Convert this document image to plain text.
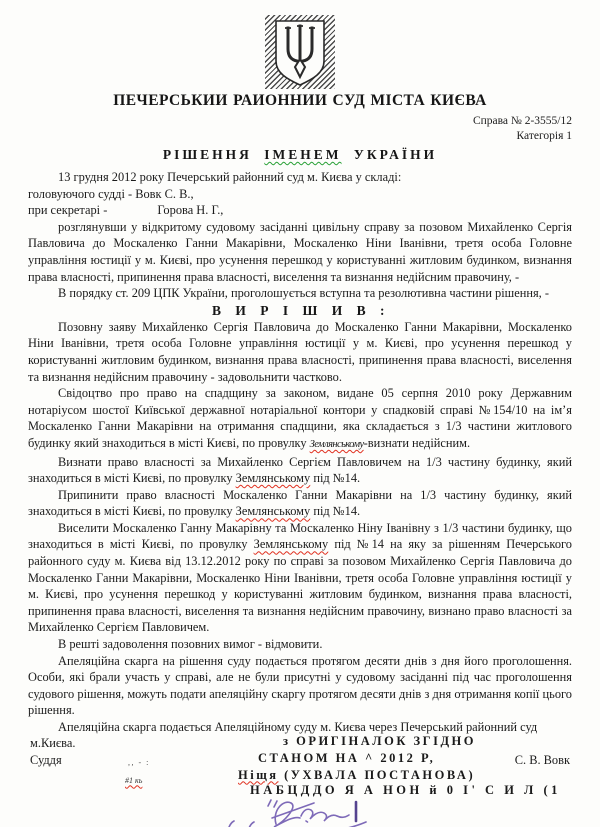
ПЕЧЕРСЬКИИ РАИОННИИ СУД МІСТА КИЄВА
Справа № 2-3555/12
Категорія 1
РІШЕННЯ ІМЕНЕМ УКРАЇНИ

13 грудня 2012 року Печерський районний суд м. Києва у складі:

головуючого судді - Вовк С. В.,

при секретарі -	Горова Н. Г.,

розглянувши у відкритому судовому засіданні цивільну справу за позовом Михайленко Сергія Павловича до Москаленко Ганни Макарівни, Москаленко Ніни Іванівни, третя особа Головне управління юстиції у м. Києві, про усунення перешкод у користуванні житловим будинком, визнання права власності, припинення права власності, виселення та визнання недійсним правочину, -

В порядку ст. 209 ЦПК України, проголошується вступна та резолютивна частини рішення, -

В И Р І Ш И В :

Позовну заяву Михайленко Сергія Павловича до Москаленко Ганни Макарівни, Москаленко Ніни Іванівни, третя особа Головне управління юстиції у м. Києві, про усунення перешкод у користуванні житловим будинком, визнання права власності, припинення права власності, виселення та визнання недійсним правочину - задовольнити частково.

Свідоцтво про право на спадщину за законом, видане 05 серпня 2010 року Державним нотаріусом шостої Київської державної нотаріальної контори у спадковій справі №154/10 на ім’я Москаленко Ганни Макарівни на отримання спадщини, яка складається з 1/3 частини житлового будинку який знаходиться в місті Києві, по провулку Землянському-визнати недійсним.

Визнати право власності за Михайленко Сергієм Павловичем на 1/3 частину будинку, який знаходиться в місті Києві, по провулку Землянському під №14.

Припинити право власності Москаленко Ганни Макарівни на 1/3 частину будинку, який знаходиться в місті Києві, по провулку Землянському під №14.

Виселити Москаленко Ганну Макарівну та Москаленко Ніну Іванівну з 1/3 частини будинку, що знаходиться в місті Києві, по провулку Землянському під №14 на яку за рішенням Печерського районного суду м. Києва від 13.12.2012 року по справі за позовом Михайленко Сергія Павловича до Москаленко Ганни Макарівни, Москаленко Ніни Іванівни, третя особа Головне управління юстиції у м. Києві, про усунення перешкод у користуванні житловим будинком, визнання права власності, припинення права власності, виселення та визнання недійсним правочину, визнано право власності за Михайленко Сергієм Павловичем.

В решті задоволення позовних вимог - відмовити.

Апеляційна скарга на рішення суду подається протягом десяти днів з дня його проголошення. Особи, які брали участь у справі, але не були присутні у судовому засіданні під час проголошення судового рішення, можуть подати апеляційну скаргу протягом десяти днів з дня отримання копії цього рішення.

Апеляційна скарга подається Апеляційному суду м. Києва через Печерський районний суд

м.Києва.	з ОРИГІНАЛОК ЗГІДНО
Суддя	,, - :	СТАНОМ НА ^ 2012 Р,	С. В. Вовк
#1 кь	Ніщя (УХВАЛА ПОСТАНОВА)
НАБЦДДО Я А НОН й 0 І' С И Л (1
